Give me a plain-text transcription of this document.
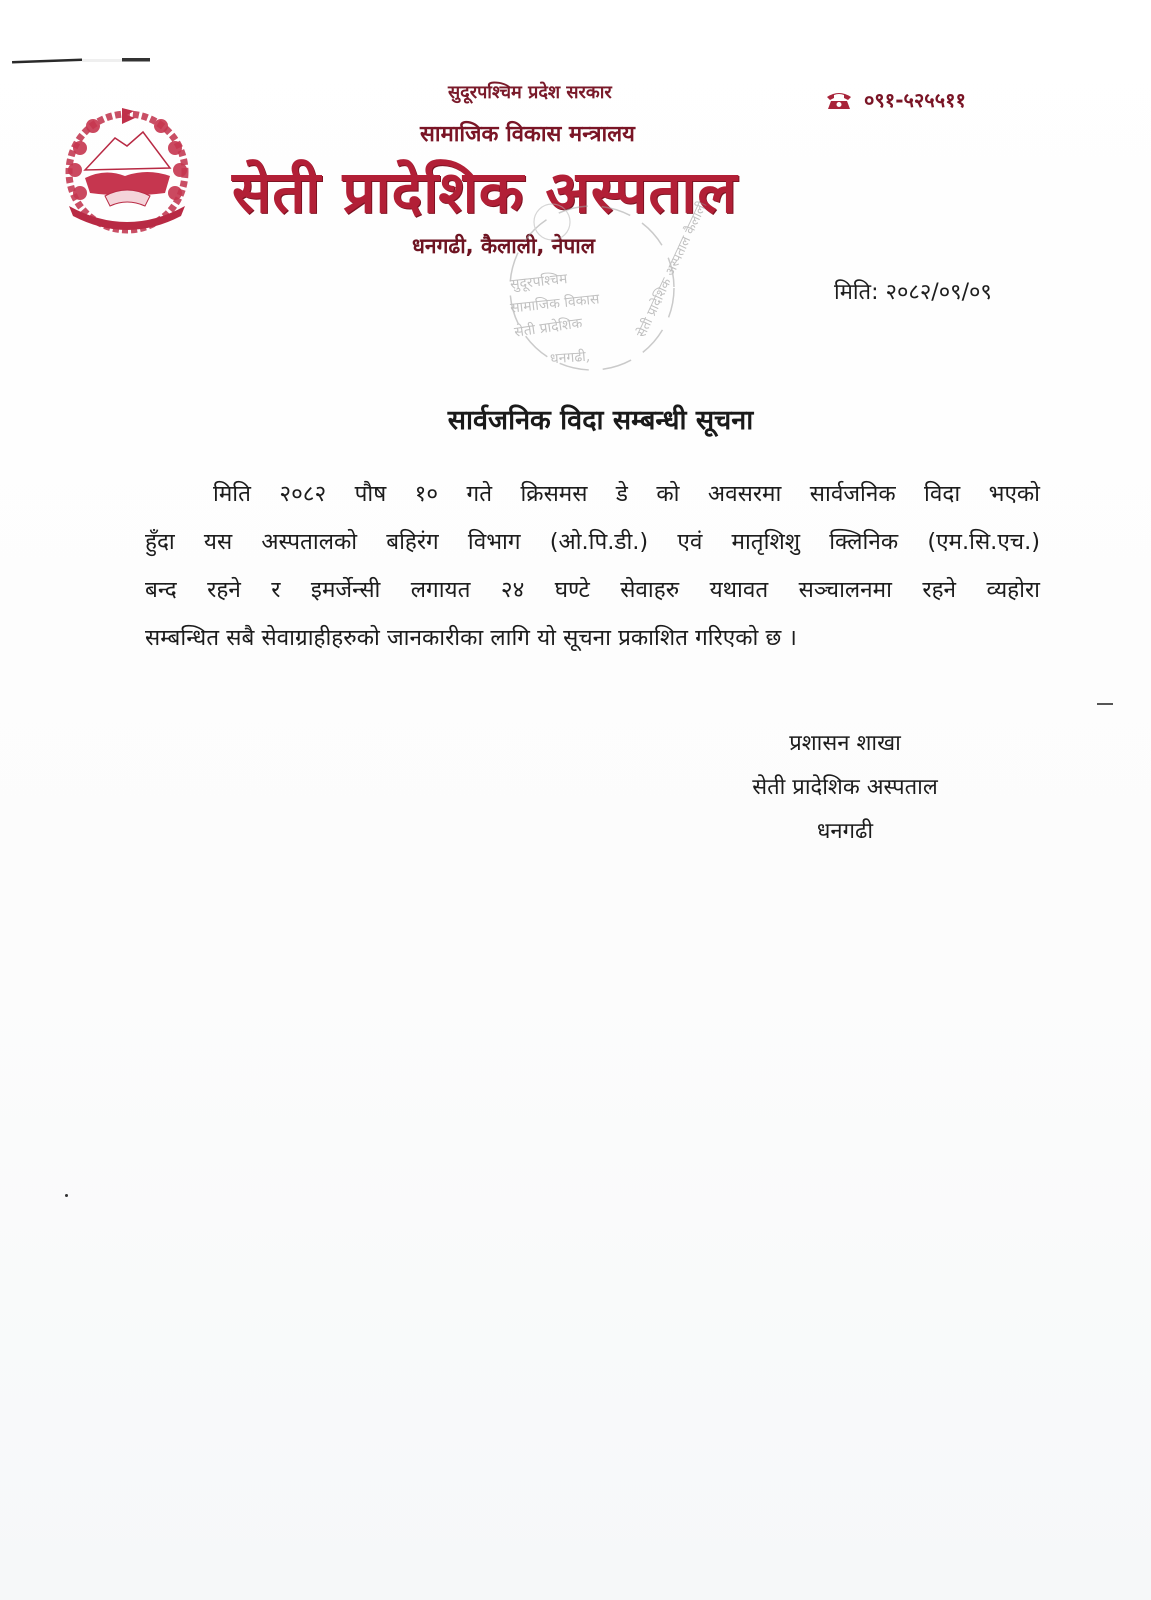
सुदूरपश्चिम प्रदेश सरकार
सामाजिक विकास मन्त्रालय
सेती प्रादेशिक अस्पताल
धनगढी, कैलाली, नेपाल
०९१-५२५५११
सुदूरपश्चिम
सामाजिक विकास
सेती प्रादेशिक
धनगढी,
सेती प्रादेशिक अस्पताल कैलाली	मिति: २०८२/०९/०९
सार्वजनिक विदा सम्बन्धी सूचना
मिति २०८२ पौष १० गते क्रिसमस डे को अवसरमा सार्वजनिक विदा भएको
हुँदा यस अस्पतालको बहिरंग विभाग (ओ.पि.डी.) एवं मातृशिशु क्लिनिक (एम.सि.एच.)
बन्द रहने र इमर्जेन्सी लगायत २४ घण्टे सेवाहरु यथावत सञ्चालनमा रहने व्यहोरा
सम्बन्धित सबै सेवाग्राहीहरुको जानकारीका लागि यो सूचना प्रकाशित गरिएको छ ।
प्रशासन शाखा
सेती प्रादेशिक अस्पताल
धनगढी
